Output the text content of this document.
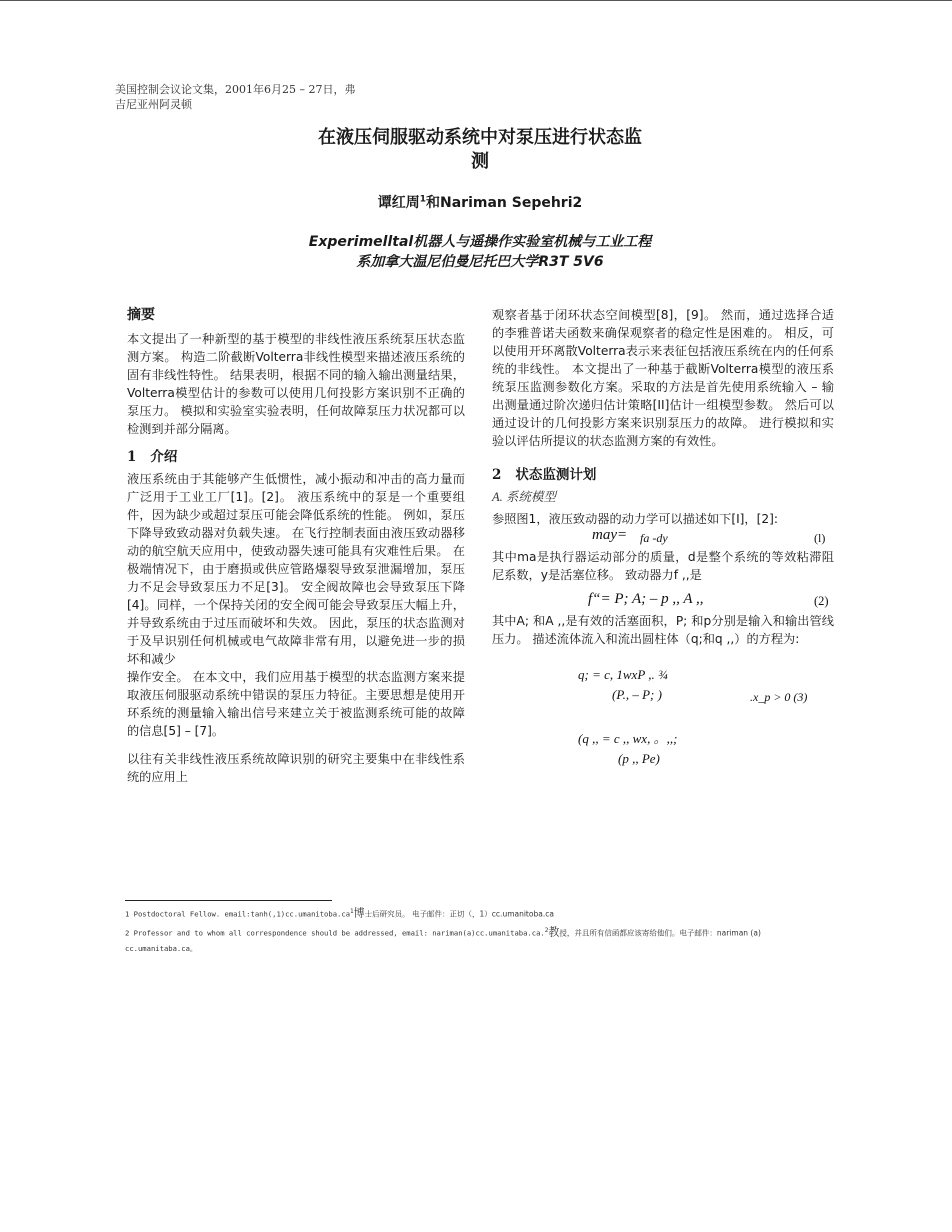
美国控制会议论文集，2001年6月25 – 27日，弗
吉尼亚州阿灵顿
在液压伺服驱动系统中对泵压进行状态监
测
谭红周$^1$和Nariman Sepehri2
Experimelltal机器人与遥操作实验室机械与工业工程
系加拿大温尼伯曼尼托巴大学R3T 5V6
摘要

本文提出了一种新型的基于模型的非线性液压系统泵压状态监测方案。 构造二阶截断Volterra非线性模型来描述液压系统的固有非线性特性。 结果表明，根据不同的输入输出测量结果，Volterra模型估计的参数可以使用几何投影方案识别不正确的泵压力。 模拟和实验室实验表明，任何故障泵压力状况都可以检测到并部分隔离。

1 介绍

液压系统由于其能够产生低惯性，减小振动和冲击的高力量而广泛用于工业工厂[1]。[2]。 液压系统中的泵是一个重要组件，因为缺少或超过泵压可能会降低系统的性能。 例如，泵压下降导致致动器对负载失速。 在飞行控制表面由液压致动器移动的航空航天应用中，使致动器失速可能具有灾难性后果。 在极端情况下，由于磨损或供应管路爆裂导致泵泄漏增加，泵压力不足会导致泵压力不足[3]。 安全阀故障也会导致泵压下降[4]。同样，一个保持关闭的安全阀可能会导致泵压大幅上升，并导致系统由于过压而破坏和失效。 因此，泵压的状态监测对于及早识别任何机械或电气故障非常有用，以避免进一步的损坏和减少

操作安全。 在本文中，我们应用基于模型的状态监测方案来提取液压伺服驱动系统中错误的泵压力特征。主要思想是使用开环系统的测量输入输出信号来建立关于被监测系统可能的故障的信息[5] – [7]。

以往有关非线性液压系统故障识别的研究主要集中在非线性系统的应用上

观察者基于闭环状态空间模型[8]，[9]。 然而，通过选择合适的李雅普诺夫函数来确保观察者的稳定性是困难的。 相反，可以使用开环离散Volterra表示来表征包括液压系统在内的任何系统的非线性。 本文提出了一种基于截断Volterra模型的液压系统泵压监测参数化方案。采取的方法是首先使用系统输入 – 输出测量通过阶次递归估计策略[II]估计一组模型参数。 然后可以通过设计的几何投影方案来识别泵压力的故障。 进行模拟和实验以评估所提议的状态监测方案的有效性。

2 状态监测计划
A. 系统模型

参照图1，液压致动器的动力学可以描述如下[I]，[2]:

may= fa -dy	(l)

其中ma是执行器运动部分的质量，d是整个系统的等效粘滞阻尼系数，y是活塞位移。 致动器力f ,,是

f“= P; A; – p ,, A ,,	(2)

其中A; 和A ,,是有效的活塞面积，P; 和p分别是输入和输出管线压力。 描述流体流入和流出圆柱体（q;和q ,,）的方程为:

q; = c, 1wxP ,. ¾
(P., – P; )	.x_p > 0 (3)
(q ,, = c ,, wx, 。,,;
(p ,, Pe)
1 Postdoctoral Fellow. $email:\tanh(,1)cc.umanitoba.ca^1$博士后研究员。 电子邮件：正切（，1）cc.umanitoba.ca
2 Professor and to whom all correspondence should be addressed, email: nariman(a)cc.umanitaba.ca.$^2$教授，并且所有信函都应该寄给他们。电子邮件：nariman (a)
cc.umanitaba.ca。
